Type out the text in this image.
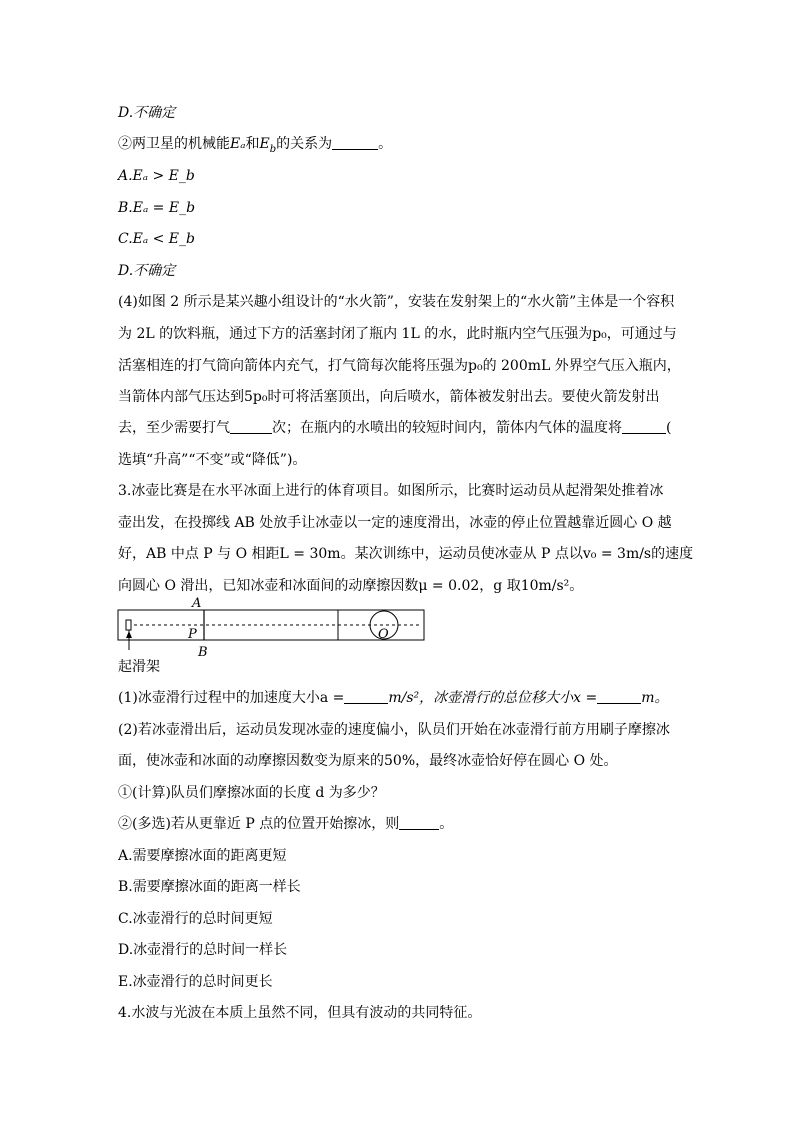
D.不确定
②两卫星的机械能Eₐ和$E_b$的关系为	。
A.Eₐ > E_b
B.Eₐ = E_b
C.Eₐ < E_b
D.不确定
(4)如图 2 所示是某兴趣小组设计的“水火箭”，安装在发射架上的“水火箭”主体是一个容积
为 2L 的饮料瓶，通过下方的活塞封闭了瓶内 1L 的水，此时瓶内空气压强为p₀，可通过与
活塞相连的打气筒向箭体内充气，打气筒每次能将压强为p₀的 200mL 外界空气压入瓶内，
当箭体内部气压达到5p₀时可将活塞顶出，向后喷水，箭体被发射出去。要使火箭发射出
去，至少需要打气	次；在瓶内的水喷出的较短时间内，箭体内气体的温度将	(
选填“升高”“不变”或“降低”)。
3.冰壶比赛是在水平冰面上进行的体育项目。如图所示，比赛时运动员从起滑架处推着冰
壶出发，在投掷线 AB 处放手让冰壶以一定的速度滑出，冰壶的停止位置越靠近圆心 O 越
好，AB 中点 P 与 O 相距L = 30m。某次训练中，运动员使冰壶从 P 点以v₀ = 3m/s的速度
向圆心 O 滑出，已知冰壶和冰面间的动摩擦因数μ = 0.02，g 取10m/s²。
A
P
B
O
起滑架
(1)冰壶滑行过程中的加速度大小a =	m/s²，冰壶滑行的总位移大小x =	m。
(2)若冰壶滑出后，运动员发现冰壶的速度偏小，队员们开始在冰壶滑行前方用刷子摩擦冰
面，使冰壶和冰面的动摩擦因数变为原来的50%，最终冰壶恰好停在圆心 O 处。
①(计算)队员们摩擦冰面的长度 d 为多少？
②(多选)若从更靠近 P 点的位置开始擦冰，则	。
A.需要摩擦冰面的距离更短
B.需要摩擦冰面的距离一样长
C.冰壶滑行的总时间更短
D.冰壶滑行的总时间一样长
E.冰壶滑行的总时间更长
4.水波与光波在本质上虽然不同，但具有波动的共同特征。
